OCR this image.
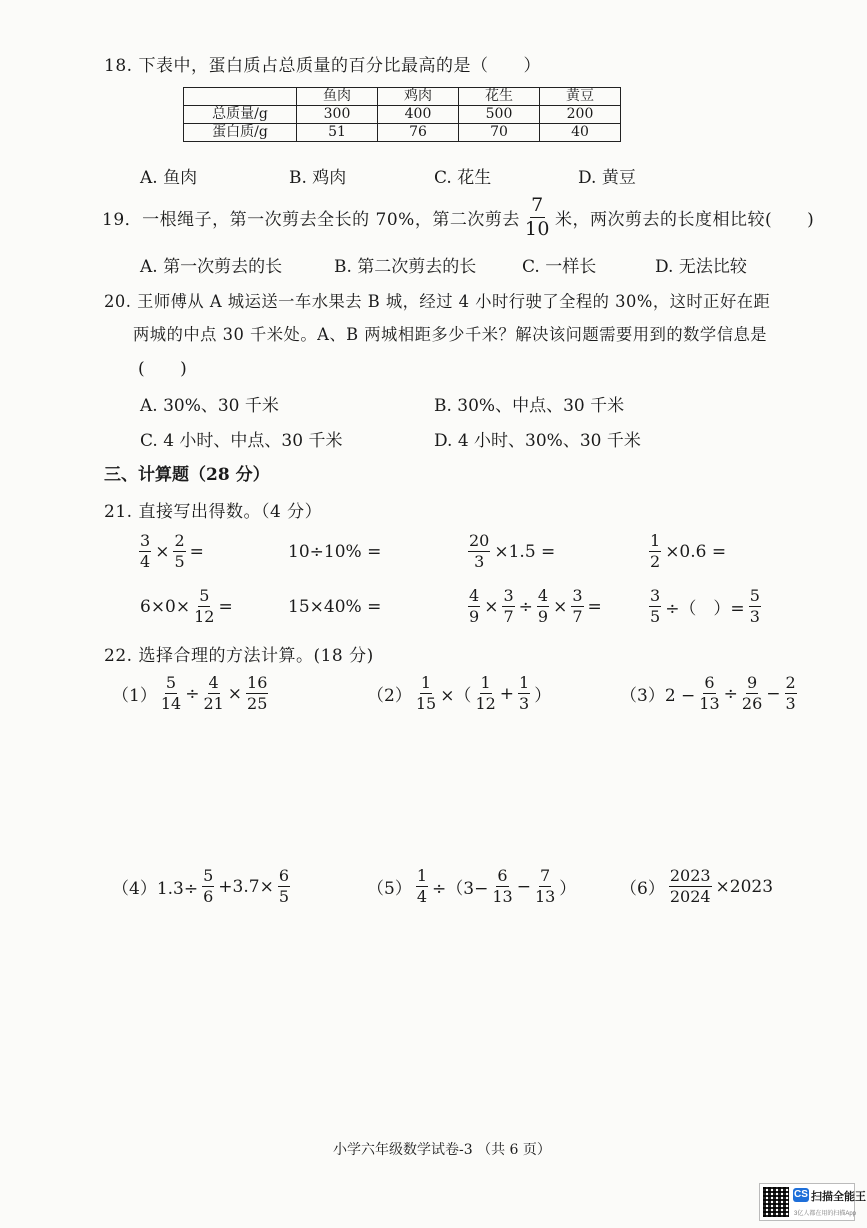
18. 下表中，蛋白质占总质量的百分比最高的是（　　）
	鱼肉	鸡肉	花生	黄豆
总质量/g	300	400	500	200
蛋白质/g	51	76	70	40
A. 鱼肉	B. 鸡肉	C. 花生	D. 黄豆
19．一根绳子，第一次剪去全长的 70%，第二次剪去 $\frac{7}{10}$ 米，两次剪去的长度相比较(　　)
A. 第一次剪去的长	B. 第二次剪去的长	C. 一样长	D. 无法比较
20. 王师傅从 A 城运送一车水果去 B 城，经过 4 小时行驶了全程的 30%，这时正好在距
两城的中点 30 千米处。A、B 两城相距多少千米？解决该问题需要用到的数学信息是
(　　)
A. 30%、30 千米	B. 30%、中点、30 千米
C. 4 小时、中点、30 千米	D. 4 小时、30%、30 千米
三、计算题（28 分）
21. 直接写出得数。（4 分）
$\frac{3}{4} \times \frac{2}{5}$ =	10÷10% =	$\frac{20}{3} \times 1.5$ =	$\frac{1}{2} \times 0.6$ =
$6\times 0\times \frac{5}{12}$ =	15×40% =	$\frac{4}{9} \times \frac{3}{7} \div \frac{4}{9} \times \frac{3}{7}$ =	$\frac{3}{5}$ ÷（　）= $\frac{5}{3}$
22. 选择合理的方法计算。(18 分)
$(1) \frac{5}{14} \div \frac{4}{21} \times \frac{16}{25}$	$(2) \frac{1}{15}$ ×（ $\frac{1}{12} + \frac{1}{3}$ ）	$(3)2 - \frac{6}{13} \div \frac{9}{26} - \frac{2}{3}$
$(4)1.3\div \frac{5}{6} +3.7\times \frac{6}{5}$	$(5) \frac{1}{4} \div(3- \frac{6}{13} - \frac{7}{13}$ ）	$(6) \frac{2023}{2024} \times 2023$
小学六年级数学试卷-3 （共 6 页）
CS 扫描全能王
3亿人都在用的扫描App
